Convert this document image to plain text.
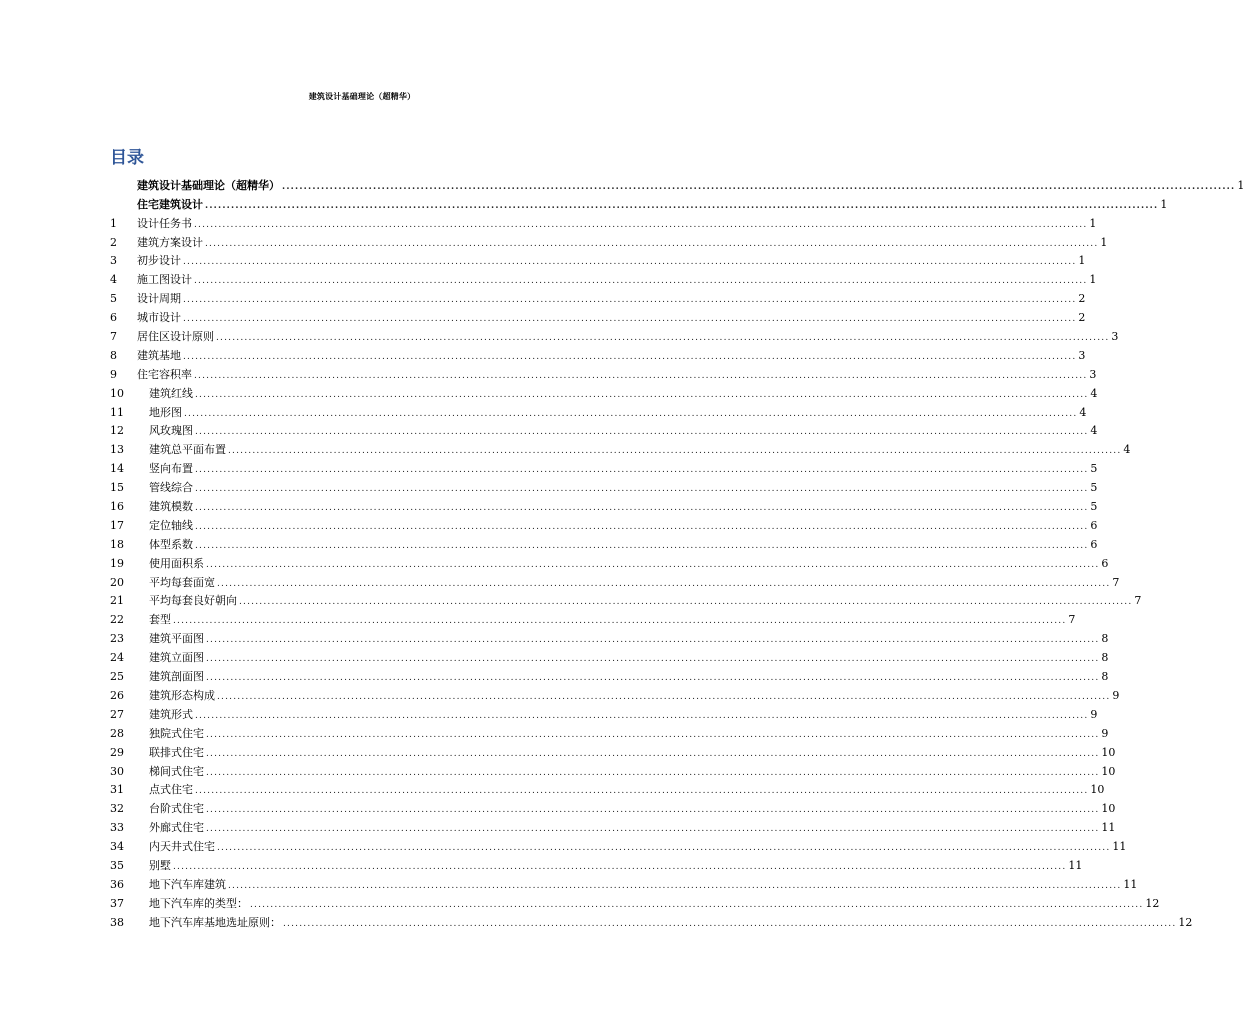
建筑设计基础理论（超精华）
目录
建筑设计基础理论（超精华） ............................................................................................................................................................................................................................ 1
住宅建筑设计 ............................................................................................................................................................................................................................ 1
1	设计任务书 ............................................................................................................................................................................................................................ 1
2	建筑方案设计 ............................................................................................................................................................................................................................ 1
3	初步设计 ............................................................................................................................................................................................................................ 1
4	施工图设计 ............................................................................................................................................................................................................................ 1
5	设计周期 ............................................................................................................................................................................................................................ 2
6	城市设计 ............................................................................................................................................................................................................................ 2
7	居住区设计原则 ............................................................................................................................................................................................................................ 3
8	建筑基地 ............................................................................................................................................................................................................................ 3
9	住宅容积率 ............................................................................................................................................................................................................................ 3
10	建筑红线 ............................................................................................................................................................................................................................ 4
11	地形图 ............................................................................................................................................................................................................................ 4
12	风玫瑰图 ............................................................................................................................................................................................................................ 4
13	建筑总平面布置 ............................................................................................................................................................................................................................ 4
14	竖向布置 ............................................................................................................................................................................................................................ 5
15	管线综合 ............................................................................................................................................................................................................................ 5
16	建筑模数 ............................................................................................................................................................................................................................ 5
17	定位轴线 ............................................................................................................................................................................................................................ 6
18	体型系数 ............................................................................................................................................................................................................................ 6
19	使用面积系 ............................................................................................................................................................................................................................ 6
20	平均每套面宽 ............................................................................................................................................................................................................................ 7
21	平均每套良好朝向 ............................................................................................................................................................................................................................ 7
22	套型 ............................................................................................................................................................................................................................ 7
23	建筑平面图 ............................................................................................................................................................................................................................ 8
24	建筑立面图 ............................................................................................................................................................................................................................ 8
25	建筑剖面图 ............................................................................................................................................................................................................................ 8
26	建筑形态构成 ............................................................................................................................................................................................................................ 9
27	建筑形式 ............................................................................................................................................................................................................................ 9
28	独院式住宅 ............................................................................................................................................................................................................................ 9
29	联排式住宅 ............................................................................................................................................................................................................................ 10
30	梯间式住宅 ............................................................................................................................................................................................................................ 10
31	点式住宅 ............................................................................................................................................................................................................................ 10
32	台阶式住宅 ............................................................................................................................................................................................................................ 10
33	外廊式住宅 ............................................................................................................................................................................................................................ 11
34	内天井式住宅 ............................................................................................................................................................................................................................ 11
35	别墅 ............................................................................................................................................................................................................................ 11
36	地下汽车库建筑 ............................................................................................................................................................................................................................ 11
37	地下汽车库的类型： ............................................................................................................................................................................................................................ 12
38	地下汽车库基地选址原则： ............................................................................................................................................................................................................................ 12
